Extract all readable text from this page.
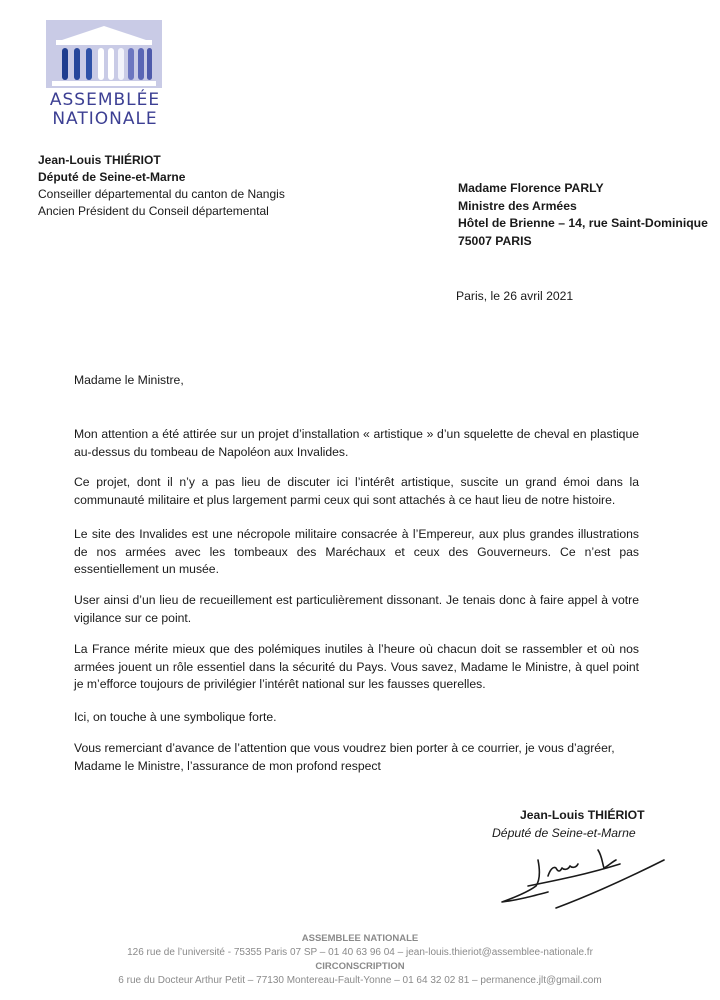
ASSEMBLÉE
NATIONALE
Jean-Louis THIÉRIOT
Député de Seine-et-Marne
Conseiller départemental du canton de Nangis
Ancien Président du Conseil départemental
Madame Florence PARLY
Ministre des Armées
Hôtel de Brienne – 14, rue Saint-Dominique
75007 PARIS
Paris, le 26 avril 2021

Madame le Ministre,

Mon attention a été attirée sur un projet d’installation « artistique » d’un squelette de cheval en plastique au-dessus du tombeau de Napoléon aux Invalides.

Ce projet, dont il n’y a pas lieu de discuter ici l’intérêt artistique, suscite un grand émoi dans la communauté militaire et plus largement parmi ceux qui sont attachés à ce haut lieu de notre histoire.

Le site des Invalides est une nécropole militaire consacrée à l’Empereur, aux plus grandes illustrations de nos armées avec les tombeaux des Maréchaux et ceux des Gouverneurs. Ce n’est pas essentiellement un musée.

User ainsi d’un lieu de recueillement est particulièrement dissonant. Je tenais donc à faire appel à votre vigilance sur ce point.

La France mérite mieux que des polémiques inutiles à l’heure où chacun doit se rassembler et où nos armées jouent un rôle essentiel dans la sécurité du Pays. Vous savez, Madame le Ministre, à quel point je m’efforce toujours de privilégier l’intérêt national sur les fausses querelles.

Ici, on touche à une symbolique forte.

Vous remerciant d’avance de l’attention que vous voudrez bien porter à ce courrier, je vous d’agréer, Madame le Ministre, l’assurance de mon profond respect

Jean-Louis THIÉRIOT
Député de Seine-et-Marne
ASSEMBLEE NATIONALE
126 rue de l’université - 75355 Paris 07 SP – 01 40 63 96 04 – jean-louis.thieriot@assemblee-nationale.fr
CIRCONSCRIPTION
6 rue du Docteur Arthur Petit – 77130 Montereau-Fault-Yonne – 01 64 32 02 81 – permanence.jlt@gmail.com
